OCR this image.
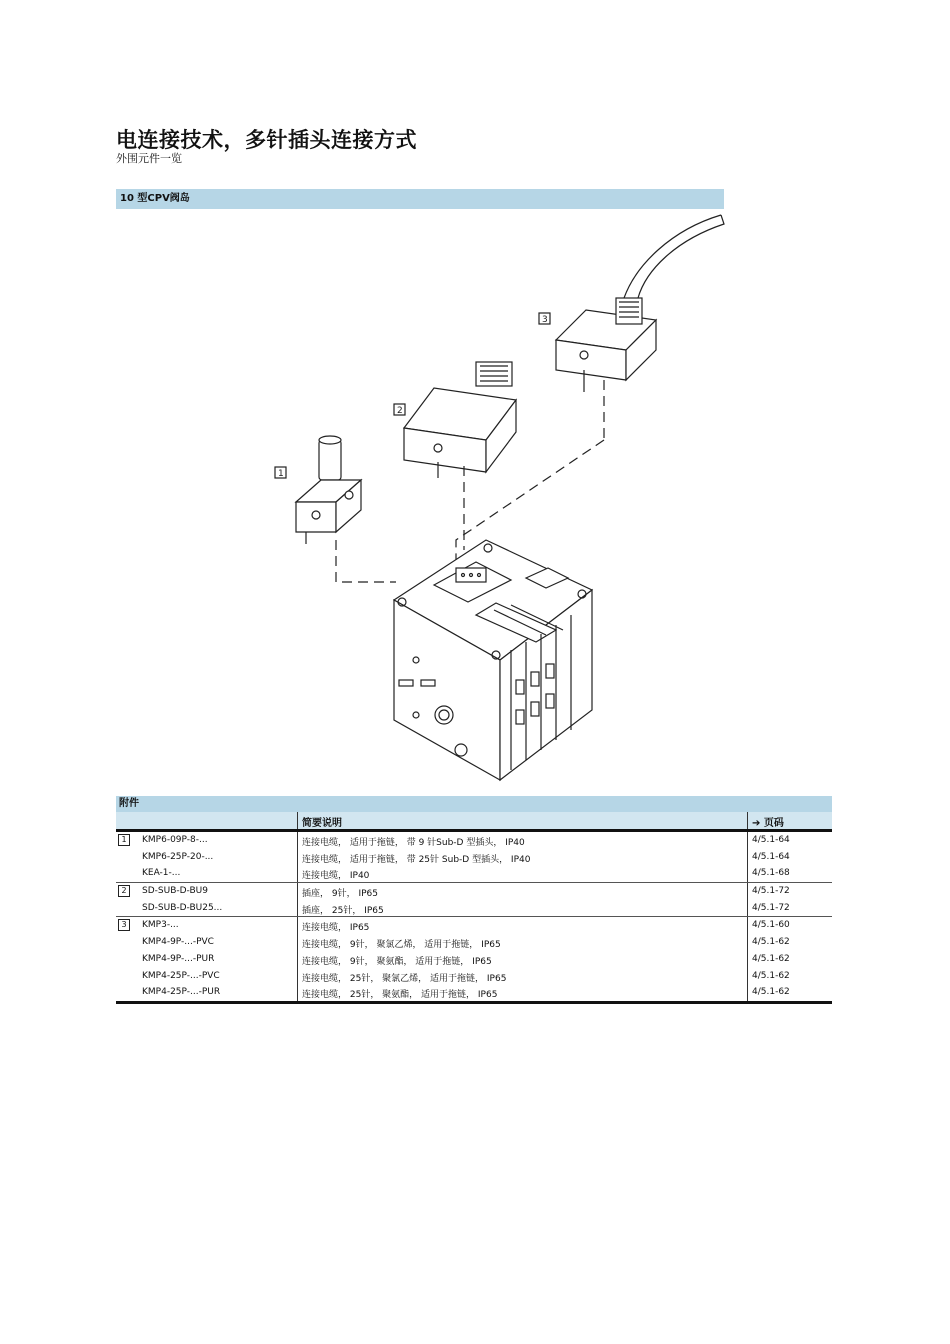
电连接技术，多针插头连接方式
外围元件一览
10 型CPV阀岛
3
2
1
附件
简要说明	➔ 页码
1	KMP6-09P-8-...	连接电缆， 适用于拖链， 带 9 针Sub-D 型插头， IP40	4/5.1-64
KMP6-25P-20-...	连接电缆， 适用于拖链， 带 25针 Sub-D 型插头， IP40	4/5.1-64
KEA-1-...	连接电缆， IP40	4/5.1-68
2	SD-SUB-D-BU9	插座， 9针， IP65	4/5.1-72
SD-SUB-D-BU25...	插座， 25针， IP65	4/5.1-72
3	KMP3-...	连接电缆， IP65	4/5.1-60
KMP4-9P-...-PVC	连接电缆， 9针， 聚氯乙烯， 适用于拖链， IP65	4/5.1-62
KMP4-9P-...-PUR	连接电缆， 9针， 聚氨酯， 适用于拖链， IP65	4/5.1-62
KMP4-25P-...-PVC	连接电缆， 25针， 聚氯乙烯， 适用于拖链， IP65	4/5.1-62
KMP4-25P-...-PUR	连接电缆， 25针， 聚氨酯， 适用于拖链， IP65	4/5.1-62
